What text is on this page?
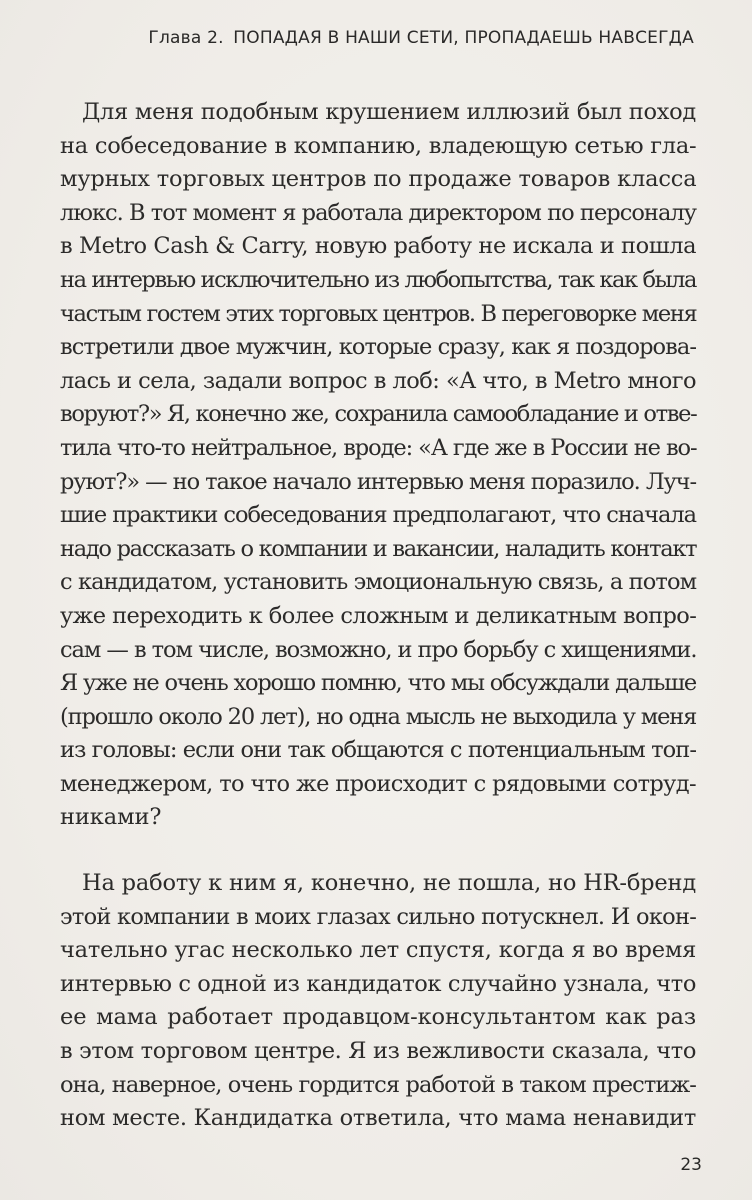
Глава 2. ПОПАДАЯ В НАШИ СЕТИ, ПРОПАДАЕШЬ НАВСЕГДА
Для меня подобным крушением иллюзий был поход
на собеседование в компанию, владеющую сетью гла-
мурных торговых центров по продаже товаров класса
люкс. В тот момент я работала директором по персоналу
в Metro Cash & Carry, новую работу не искала и пошла
на интервью исключительно из любопытства, так как была
частым гостем этих торговых центров. В переговорке меня
встретили двое мужчин, которые сразу, как я поздорова-
лась и села, задали вопрос в лоб: «А что, в Metro много
воруют?» Я, конечно же, сохранила самообладание и отве-
тила что-то нейтральное, вроде: «А где же в России не во-
руют?» — но такое начало интервью меня поразило. Луч-
шие практики собеседования предполагают, что сначала
надо рассказать о компании и вакансии, наладить контакт
с кандидатом, установить эмоциональную связь, а потом
уже переходить к более сложным и деликатным вопро-
сам — в том числе, возможно, и про борьбу с хищениями.
Я уже не очень хорошо помню, что мы обсуждали дальше
(прошло около 20 лет), но одна мысль не выходила у меня
из головы: если они так общаются с потенциальным топ-
менеджером, то что же происходит с рядовыми сотруд-
никами?
На работу к ним я, конечно, не пошла, но HR-бренд
этой компании в моих глазах сильно потускнел. И окон-
чательно угас несколько лет спустя, когда я во время
интервью с одной из кандидаток случайно узнала, что
ее мама работает продавцом-консультантом как раз
в этом торговом центре. Я из вежливости сказала, что
она, наверное, очень гордится работой в таком престиж-
ном месте. Кандидатка ответила, что мама ненавидит
23
